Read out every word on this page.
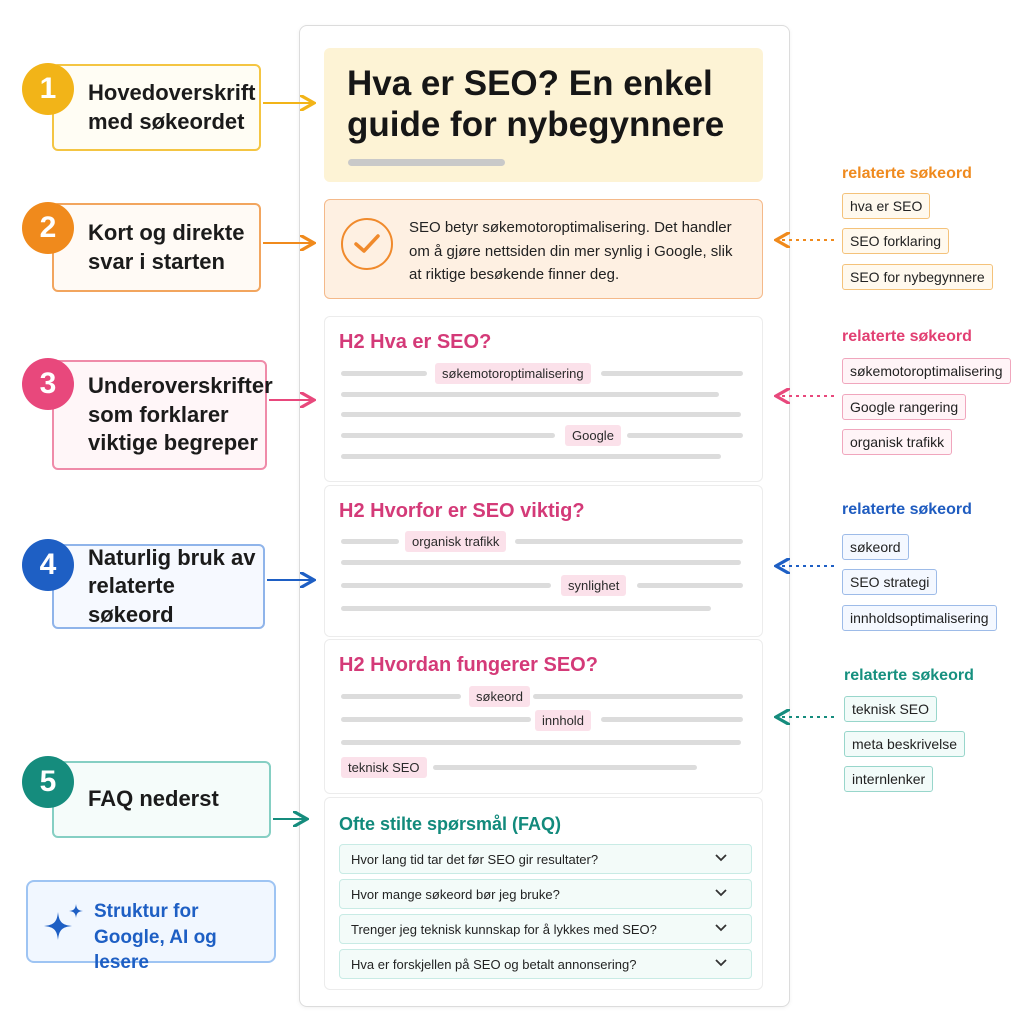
Hovedoverskrift
med søkeordet
1
Kort og direkte
svar i starten
2
Underoverskrifter
som forklarer
viktige begreper
3
Naturlig bruk av
relaterte søkeord
4
FAQ nederst
5
Hva er SEO? En enkel
guide for nybegynnere
SEO betyr søkemotoroptimalisering. Det handler om å gjøre nettsiden din mer synlig i Google, slik at riktige besøkende finner deg.
H2 Hva er SEO?
søkemotoroptimalisering
Google
H2 Hvorfor er SEO viktig?
organisk trafikk
synlighet
H2 Hvordan fungerer SEO?
søkeord
innhold
teknisk SEO
Ofte stilte spørsmål (FAQ)
Hvor lang tid tar det før SEO gir resultater?
Hvor mange søkeord bør jeg bruke?
Trenger jeg teknisk kunnskap for å lykkes med SEO?
Hva er forskjellen på SEO og betalt annonsering?
relaterte søkeord
hva er SEO
SEO forklaring
SEO for nybegynnere
relaterte søkeord
søkemotoroptimalisering
Google rangering
organisk trafikk
relaterte søkeord
søkeord
SEO strategi
innholdsoptimalisering
relaterte søkeord
teknisk SEO
meta beskrivelse
internlenker
Struktur for
Google, AI og lesere
